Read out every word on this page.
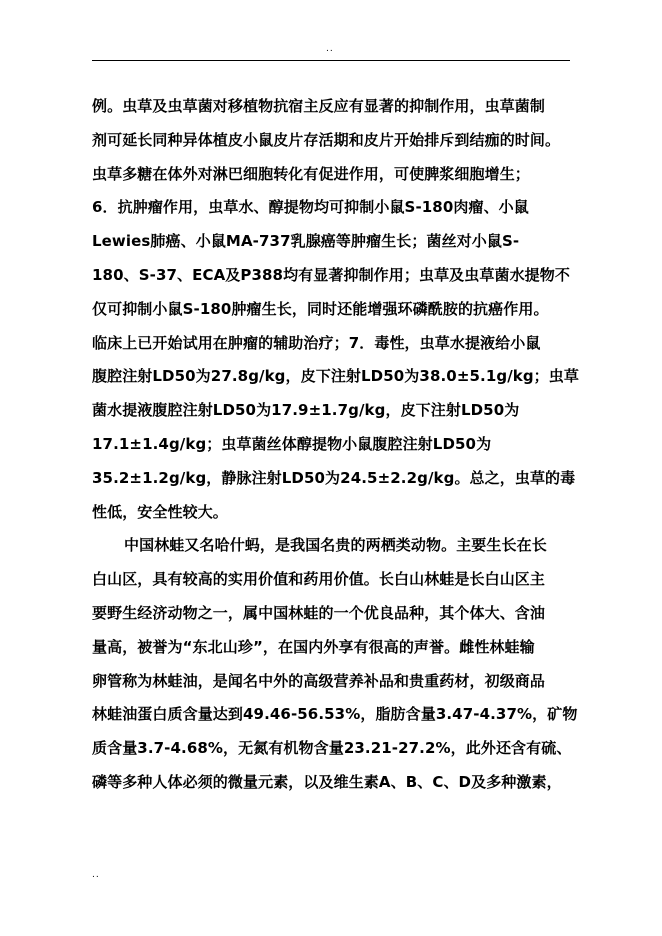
..
例。虫草及虫草菌对移植物抗宿主反应有显著的抑制作用，虫草菌制
剂可延长同种异体植皮小鼠皮片存活期和皮片开始排斥到结痂的时间。
虫草多糖在体外对淋巴细胞转化有促进作用，可使脾浆细胞增生；
6．抗肿瘤作用，虫草水、醇提物均可抑制小鼠S-180肉瘤、小鼠
Lewies肺癌、小鼠MA-737乳腺癌等肿瘤生长；菌丝对小鼠S-
180、S-37、ECA及P388均有显著抑制作用；虫草及虫草菌水提物不
仅可抑制小鼠S-180肿瘤生长，同时还能增强环磷酰胺的抗癌作用。
临床上已开始试用在肿瘤的辅助治疗；7．毒性，虫草水提液给小鼠
腹腔注射LD50为27.8g/kg，皮下注射LD50为38.0±5.1g/kg；虫草
菌水提液腹腔注射LD50为17.9±1.7g/kg，皮下注射LD50为
17.1±1.4g/kg；虫草菌丝体醇提物小鼠腹腔注射LD50为
35.2±1.2g/kg，静脉注射LD50为24.5±2.2g/kg。总之，虫草的毒
性低，安全性较大。
中国林蛙又名哈什蚂，是我国名贵的两栖类动物。主要生长在长
白山区，具有较高的实用价值和药用价值。长白山林蛙是长白山区主
要野生经济动物之一，属中国林蛙的一个优良品种，其个体大、含油
量高，被誉为“东北山珍”，在国内外享有很高的声誉。雌性林蛙输
卵管称为林蛙油，是闻名中外的高级营养补品和贵重药材，初级商品
林蛙油蛋白质含量达到49.46-56.53%，脂肪含量3.47-4.37%，矿物
质含量3.7-4.68%，无氮有机物含量23.21-27.2%，此外还含有硫、
磷等多种人体必须的微量元素，以及维生素A、B、C、D及多种激素，
..
